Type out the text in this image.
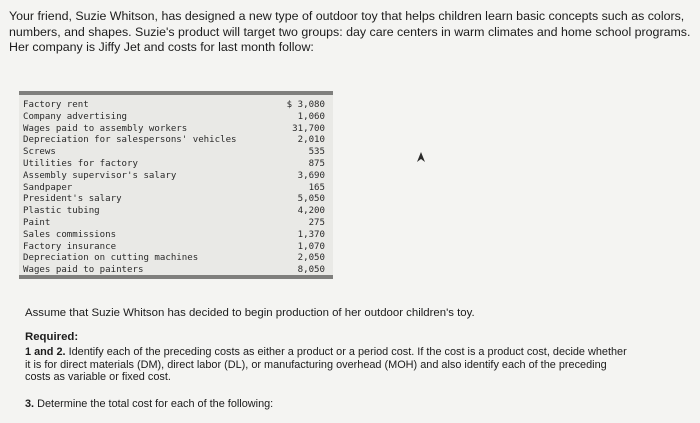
Your friend, Suzie Whitson, has designed a new type of outdoor toy that helps children learn basic concepts such as colors,
numbers, and shapes. Suzie's product will target two groups: day care centers in warm climates and home school programs.
Her company is Jiffy Jet and costs for last month follow:
Factory rent	$ 3,080
Company advertising	1,060
Wages paid to assembly workers	31,700
Depreciation for salespersons' vehicles	2,010
Screws	535
Utilities for factory	875
Assembly supervisor's salary	3,690
Sandpaper	165
President's salary	5,050
Plastic tubing	4,200
Paint	275
Sales commissions	1,370
Factory insurance	1,070
Depreciation on cutting machines	2,050
Wages paid to painters	8,050

Assume that Suzie Whitson has decided to begin production of her outdoor children's toy.

Required:

1 and 2. Identify each of the preceding costs as either a product or a period cost. If the cost is a product cost, decide whether
it is for direct materials (DM), direct labor (DL), or manufacturing overhead (MOH) and also identify each of the preceding
costs as variable or fixed cost.

3. Determine the total cost for each of the following:
